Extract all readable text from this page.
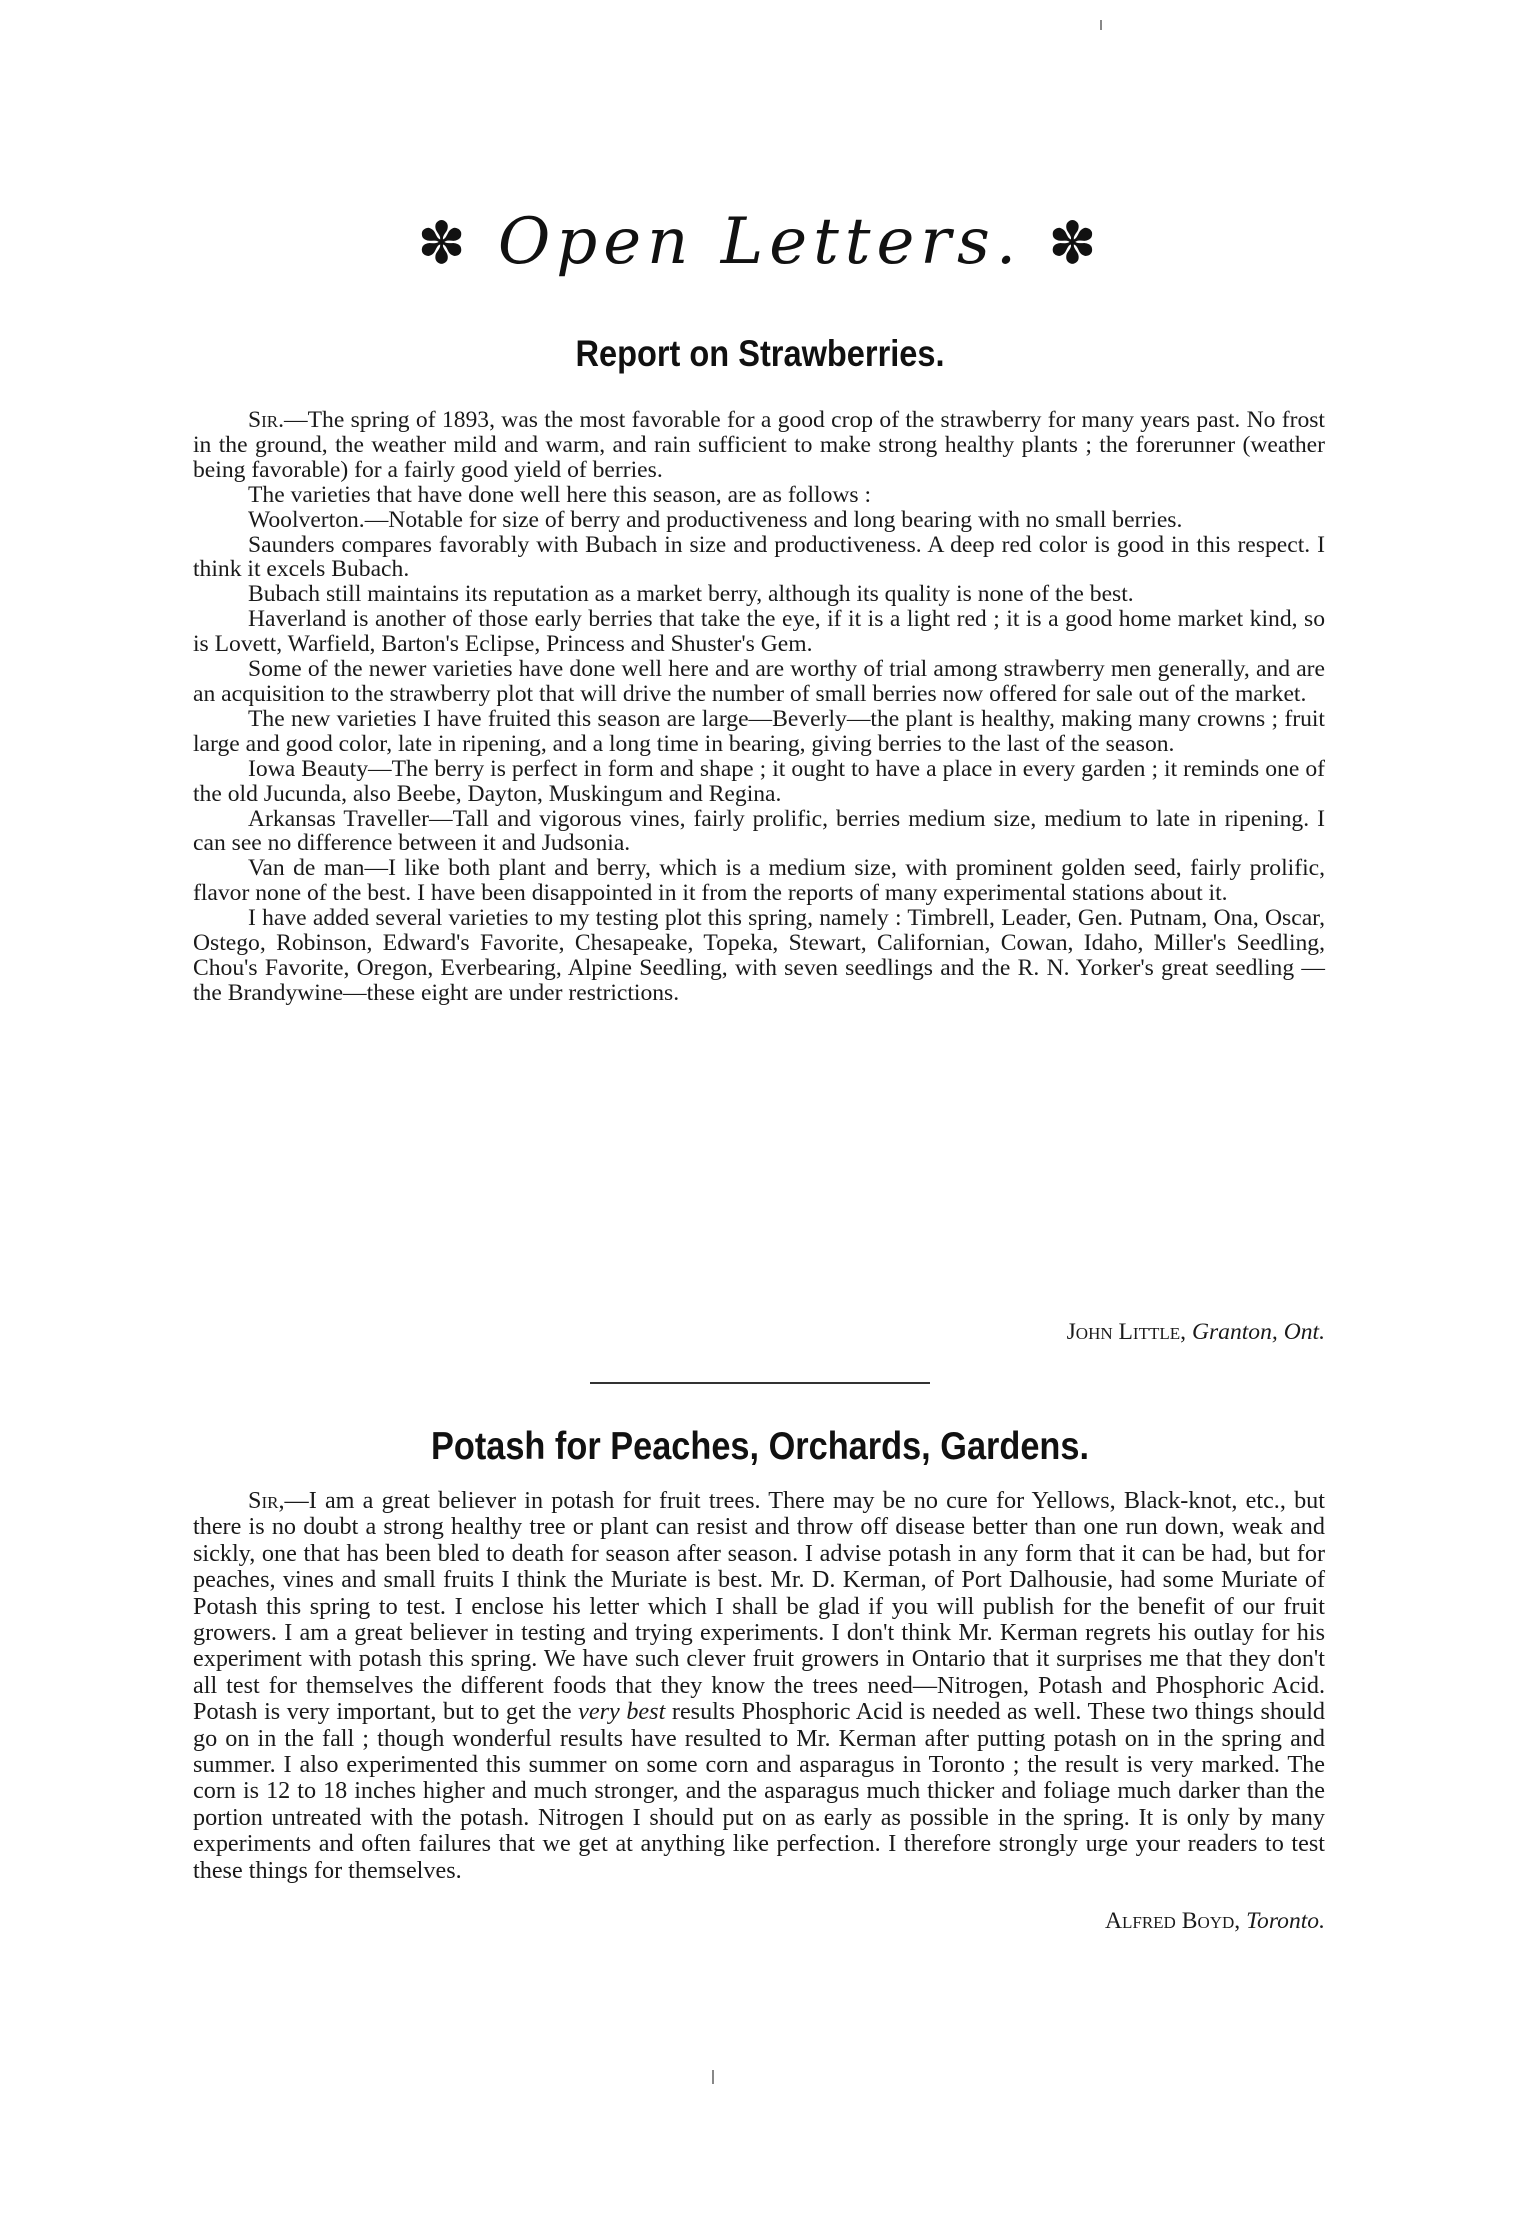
✽ Open Letters. ✽
Report on Strawberries.

Sir.—The spring of 1893, was the most favorable for a good crop of the strawberry for many years past. No frost in the ground, the weather mild and warm, and rain sufficient to make strong healthy plants ; the forerunner (weather being favorable) for a fairly good yield of berries.

The varieties that have done well here this season, are as follows :

Woolverton.—Notable for size of berry and productiveness and long bearing with no small berries.

Saunders compares favorably with Bubach in size and productiveness. A deep red color is good in this respect. I think it excels Bubach.

Bubach still maintains its reputation as a market berry, although its quality is none of the best.

Haverland is another of those early berries that take the eye, if it is a light red ; it is a good home market kind, so is Lovett, Warfield, Barton's Eclipse, Princess and Shuster's Gem.

Some of the newer varieties have done well here and are worthy of trial among strawberry men generally, and are an acquisition to the strawberry plot that will drive the number of small berries now offered for sale out of the market.

The new varieties I have fruited this season are large—Beverly—the plant is healthy, making many crowns ; fruit large and good color, late in ripening, and a long time in bearing, giving berries to the last of the season.

Iowa Beauty—The berry is perfect in form and shape ; it ought to have a place in every garden ; it reminds one of the old Jucunda, also Beebe, Dayton, Muskingum and Regina.

Arkansas Traveller—Tall and vigorous vines, fairly prolific, berries medium size, medium to late in ripening. I can see no difference between it and Judsonia.

Van de man—I like both plant and berry, which is a medium size, with prominent golden seed, fairly prolific, flavor none of the best. I have been disappointed in it from the reports of many experimental stations about it.

I have added several varieties to my testing plot this spring, namely : Timbrell, Leader, Gen. Putnam, Ona, Oscar, Ostego, Robinson, Edward's Favorite, Chesapeake, Topeka, Stewart, Californian, Cowan, Idaho, Miller's Seedling, Chou's Favorite, Oregon, Everbearing, Alpine Seedling, with seven seedlings and the R. N. Yorker's great seedling —the Brandywine—these eight are under restrictions.

John Little, Granton, Ont.
Potash for Peaches, Orchards, Gardens.

Sir,—I am a great believer in potash for fruit trees. There may be no cure for Yellows, Black-knot, etc., but there is no doubt a strong healthy tree or plant can resist and throw off disease better than one run down, weak and sickly, one that has been bled to death for season after season. I advise potash in any form that it can be had, but for peaches, vines and small fruits I think the Muriate is best. Mr. D. Kerman, of Port Dalhousie, had some Muriate of Potash this spring to test. I enclose his letter which I shall be glad if you will publish for the benefit of our fruit growers. I am a great believer in testing and trying experiments. I don't think Mr. Kerman regrets his outlay for his experiment with potash this spring. We have such clever fruit growers in Ontario that it surprises me that they don't all test for themselves the different foods that they know the trees need—Nitrogen, Potash and Phosphoric Acid. Potash is very important, but to get the very best results Phosphoric Acid is needed as well. These two things should go on in the fall ; though wonderful results have resulted to Mr. Kerman after putting potash on in the spring and summer. I also experimented this summer on some corn and asparagus in Toronto ; the result is very marked. The corn is 12 to 18 inches higher and much stronger, and the asparagus much thicker and foliage much darker than the portion untreated with the potash. Nitrogen I should put on as early as possible in the spring. It is only by many experiments and often failures that we get at anything like perfection. I therefore strongly urge your readers to test these things for themselves.

Alfred Boyd, Toronto.
